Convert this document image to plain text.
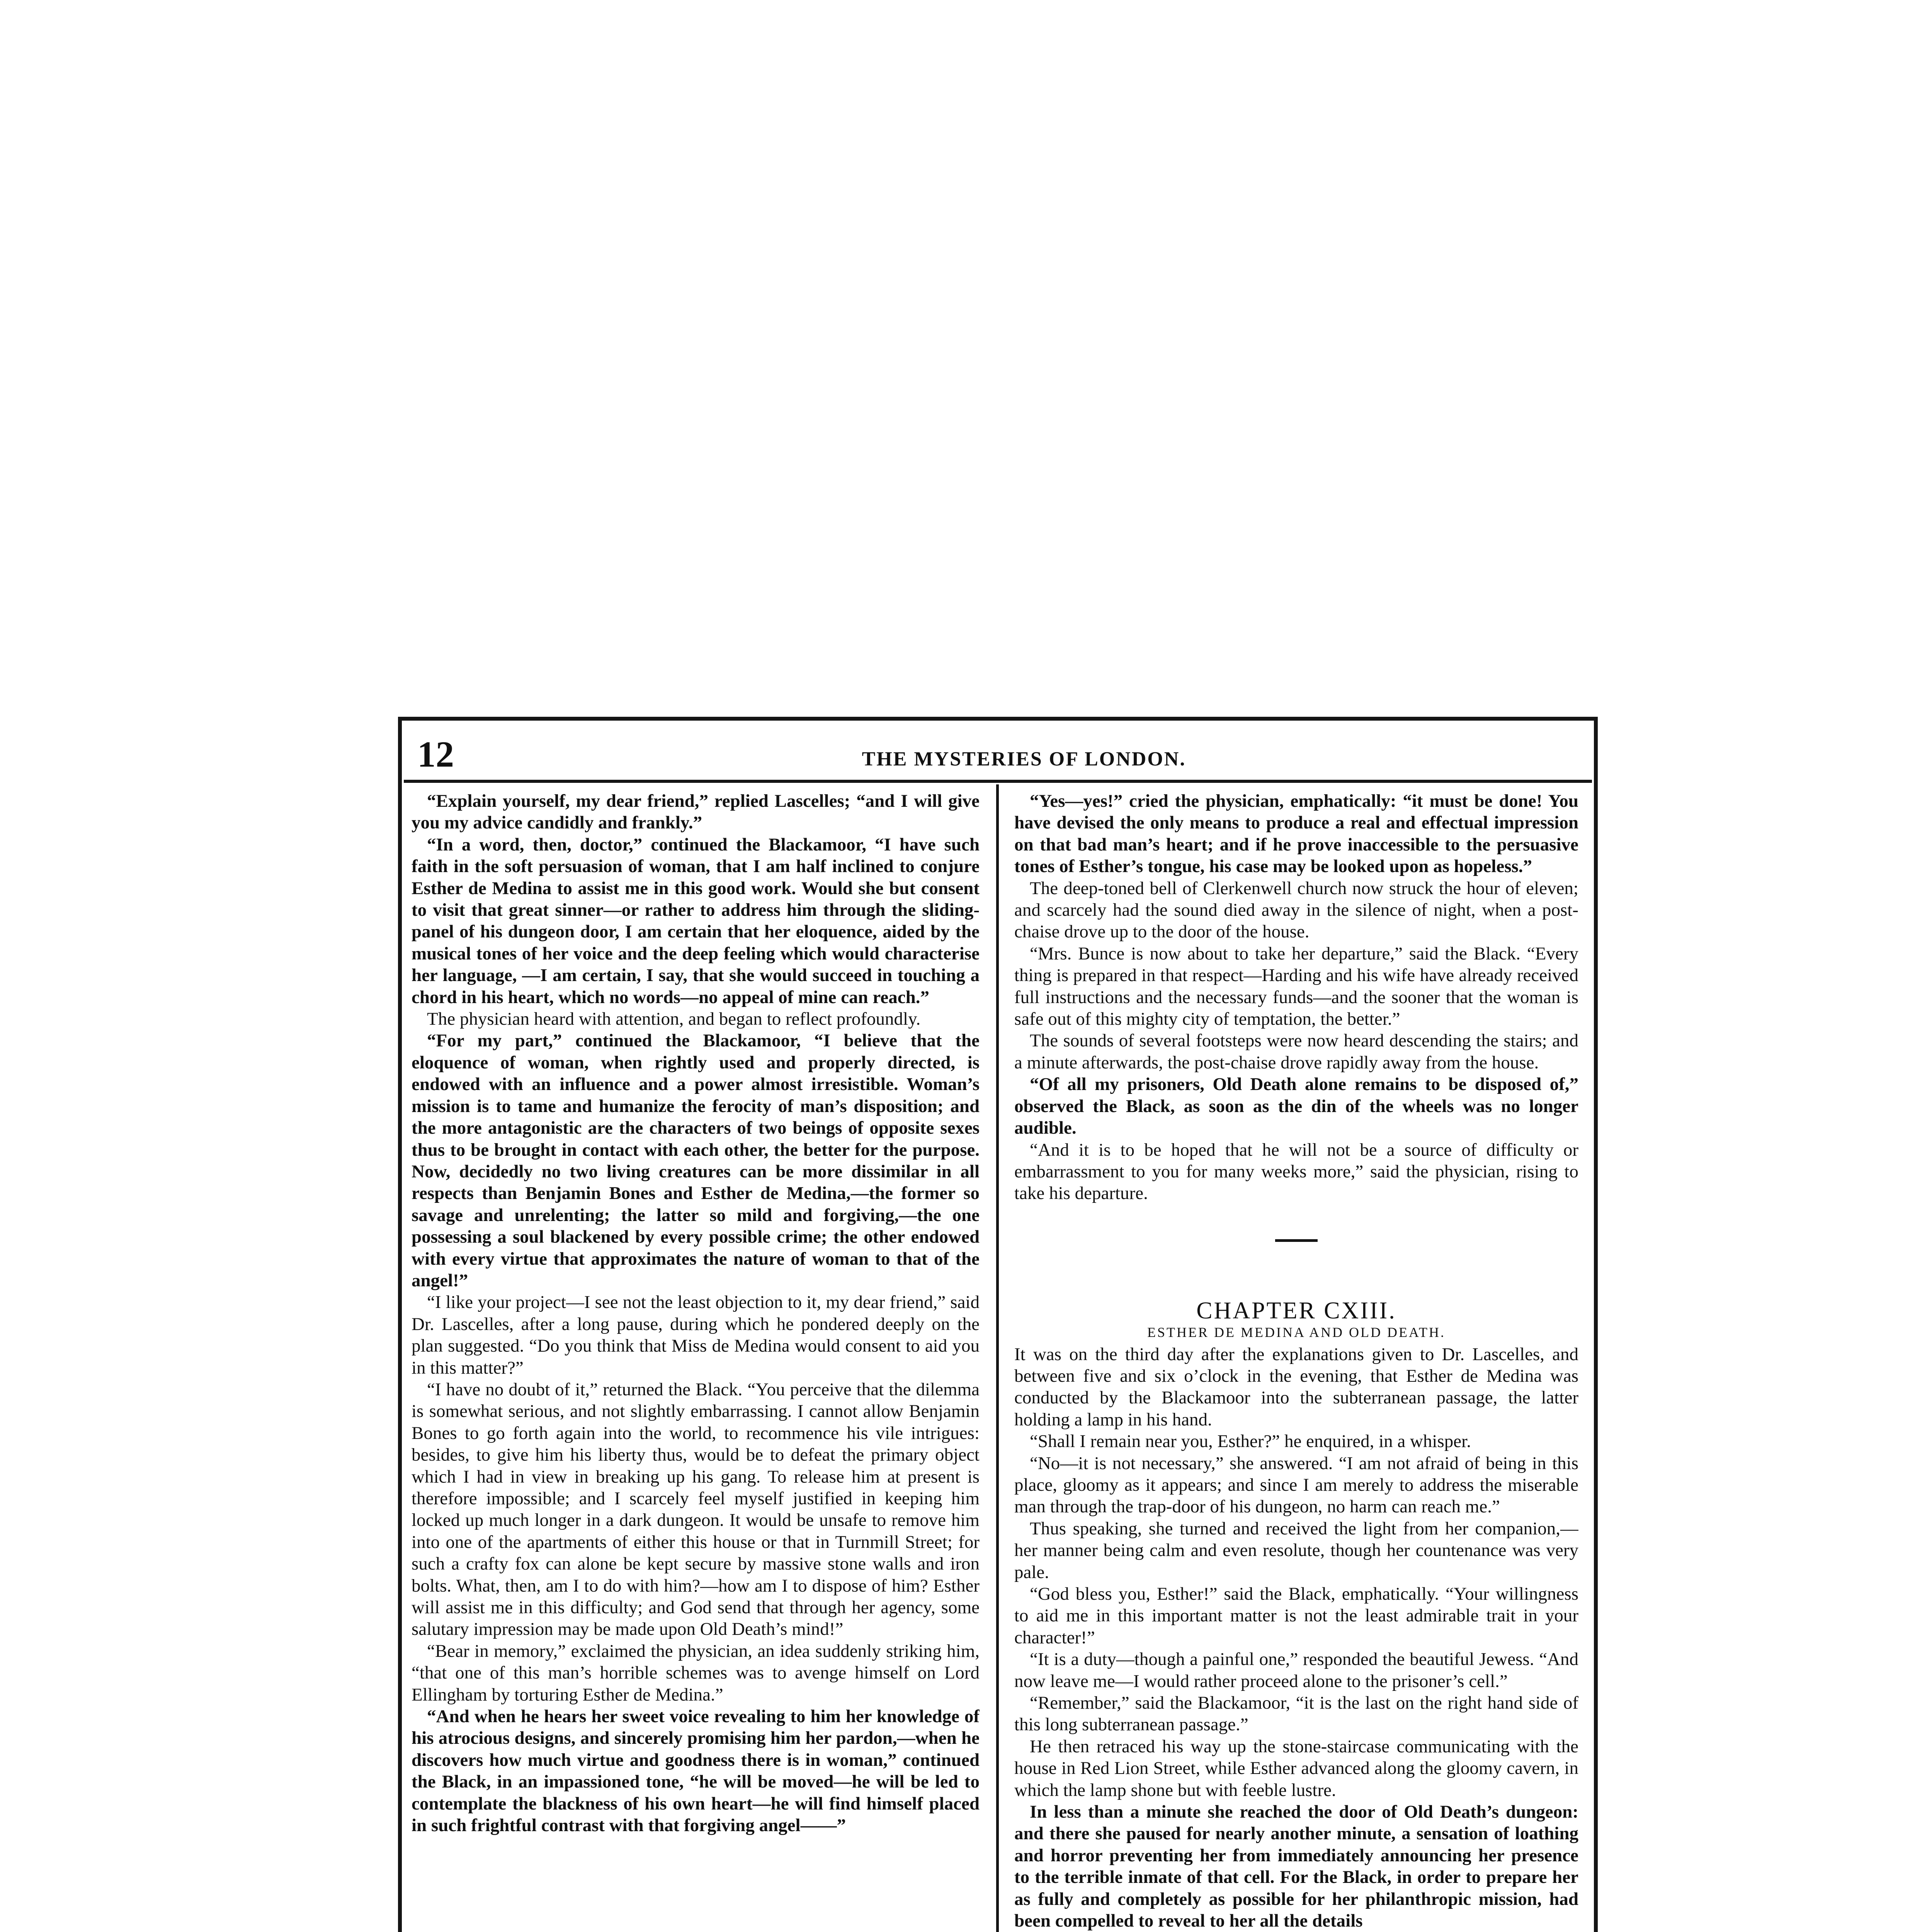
12	THE MYSTERIES OF LONDON.

“Explain yourself, my dear friend,” replied Lascelles; “and I will give you my advice candidly and frankly.”

“In a word, then, doctor,” continued the Blackamoor, “I have such faith in the soft persuasion of woman, that I am half inclined to conjure Esther de Medina to assist me in this good work. Would she but consent to visit that great sinner—or rather to address him through the sliding-panel of his dungeon door, I am certain that her eloquence, aided by the musical tones of her voice and the deep feeling which would characterise her language, —I am certain, I say, that she would succeed in touching a chord in his heart, which no words—no appeal of mine can reach.”

The physician heard with attention, and began to reflect profoundly.

“For my part,” continued the Blackamoor, “I believe that the eloquence of woman, when rightly used and properly directed, is endowed with an influence and a power almost irresistible. Woman’s mission is to tame and humanize the ferocity of man’s disposition; and the more antagonistic are the characters of two beings of opposite sexes thus to be brought in contact with each other, the better for the purpose. Now, decidedly no two living creatures can be more dissimilar in all respects than Benjamin Bones and Esther de Medina,—the former so savage and unrelenting; the latter so mild and forgiving,—the one possessing a soul blackened by every possible crime; the other endowed with every virtue that approximates the nature of woman to that of the angel!”

“I like your project—I see not the least objection to it, my dear friend,” said Dr. Lascelles, after a long pause, during which he pondered deeply on the plan suggested. “Do you think that Miss de Medina would consent to aid you in this matter?”

“I have no doubt of it,” returned the Black. “You perceive that the dilemma is somewhat serious, and not slightly embarrassing. I cannot allow Benjamin Bones to go forth again into the world, to recommence his vile intrigues: besides, to give him his liberty thus, would be to defeat the primary object which I had in view in breaking up his gang. To release him at present is therefore impossible; and I scarcely feel myself justified in keeping him locked up much longer in a dark dungeon. It would be unsafe to remove him into one of the apartments of either this house or that in Turnmill Street; for such a crafty fox can alone be kept secure by massive stone walls and iron bolts. What, then, am I to do with him?—how am I to dispose of him? Esther will assist me in this difficulty; and God send that through her agency, some salutary impression may be made upon Old Death’s mind!”

“Bear in memory,” exclaimed the physician, an idea suddenly striking him, “that one of this man’s horrible schemes was to avenge himself on Lord Ellingham by torturing Esther de Medina.”

“And when he hears her sweet voice revealing to him her knowledge of his atrocious designs, and sincerely promising him her pardon,—when he discovers how much virtue and goodness there is in woman,” continued the Black, in an impassioned tone, “he will be moved—he will be led to contemplate the blackness of his own heart—he will find himself placed in such frightful contrast with that forgiving angel——”

“Yes—yes!” cried the physician, emphatically: “it must be done! You have devised the only means to produce a real and effectual impression on that bad man’s heart; and if he prove inaccessible to the persuasive tones of Esther’s tongue, his case may be looked upon as hopeless.”

The deep-toned bell of Clerkenwell church now struck the hour of eleven; and scarcely had the sound died away in the silence of night, when a post-chaise drove up to the door of the house.

“Mrs. Bunce is now about to take her departure,” said the Black. “Every thing is prepared in that respect—Harding and his wife have already received full instructions and the necessary funds—and the sooner that the woman is safe out of this mighty city of temptation, the better.”

The sounds of several footsteps were now heard descending the stairs; and a minute afterwards, the post-chaise drove rapidly away from the house.

“Of all my prisoners, Old Death alone remains to be disposed of,” observed the Black, as soon as the din of the wheels was no longer audible.

“And it is to be hoped that he will not be a source of difficulty or embarrassment to you for many weeks more,” said the physician, rising to take his departure.

CHAPTER CXIII.

ESTHER DE MEDINA AND OLD DEATH.

It was on the third day after the explanations given to Dr. Lascelles, and between five and six o’clock in the evening, that Esther de Medina was conducted by the Blackamoor into the subterranean passage, the latter holding a lamp in his hand.

“Shall I remain near you, Esther?” he enquired, in a whisper.

“No—it is not necessary,” she answered. “I am not afraid of being in this place, gloomy as it appears; and since I am merely to address the miserable man through the trap-door of his dungeon, no harm can reach me.”

Thus speaking, she turned and received the light from her companion,—her manner being calm and even resolute, though her countenance was very pale.

“God bless you, Esther!” said the Black, emphatically. “Your willingness to aid me in this important matter is not the least admirable trait in your character!”

“It is a duty—though a painful one,” responded the beautiful Jewess. “And now leave me—I would rather proceed alone to the prisoner’s cell.”

“Remember,” said the Blackamoor, “it is the last on the right hand side of this long subterranean passage.”

He then retraced his way up the stone-staircase communicating with the house in Red Lion Street, while Esther advanced along the gloomy cavern, in which the lamp shone but with feeble lustre.

In less than a minute she reached the door of Old Death’s dungeon: and there she paused for nearly another minute, a sensation of loathing and horror preventing her from immediately announcing her presence to the terrible inmate of that cell. For the Black, in order to prepare her as fully and completely as possible for her philanthropic mission, had been compelled to reveal to her all the details
